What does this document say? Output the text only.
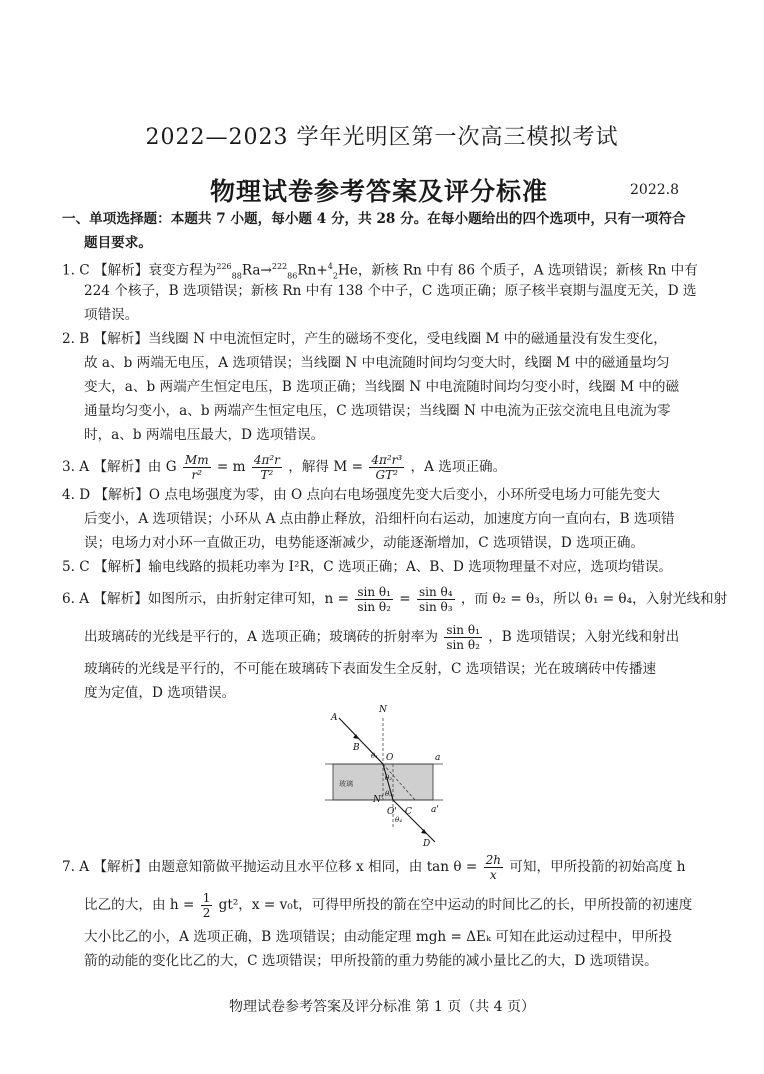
2022—2023 学年光明区第一次高三模拟考试
物理试卷参考答案及评分标准	2022.8
一、单项选择题：本题共 7 小题，每小题 4 分，共 28 分。在每小题给出的四个选项中，只有一项符合
题目要求。
1. C 【解析】衰变方程为$^{226}_{88}$Ra→$^{222}_{86}$Rn+$^4_2$He，新核 Rn 中有 86 个质子，A 选项错误；新核 Rn 中有
224 个核子，B 选项错误；新核 Rn 中有 138 个中子，C 选项正确；原子核半衰期与温度无关，D 选
项错误。
2. B 【解析】当线圈 N 中电流恒定时，产生的磁场不变化，受电线圈 M 中的磁通量没有发生变化，
故 a、b 两端无电压，A 选项错误；当线圈 N 中电流随时间均匀变大时，线圈 M 中的磁通量均匀
变大，a、b 两端产生恒定电压，B 选项正确；当线圈 N 中电流随时间均匀变小时，线圈 M 中的磁
通量均匀变小，a、b 两端产生恒定电压，C 选项错误；当线圈 N 中电流为正弦交流电且电流为零
时，a、b 两端电压最大，D 选项错误。
3. A 【解析】由 G $\frac{Mm}{\text{r²}} = m \frac{\text{4π²r}}{\text{T²}}$ ，解得 $M = \frac{\text{4π²r³}}{\text{GT²}}$ ，A 选项正确。
4. D 【解析】O 点电场强度为零，由 O 点向右电场强度先变大后变小，小环所受电场力可能先变大
后变小，A 选项错误；小环从 A 点由静止释放，沿细杆向右运动，加速度方向一直向右，B 选项错
误；电场力对小环一直做正功，电势能逐渐减少，动能逐渐增加，C 选项错误，D 选项正确。
5. C 【解析】输电线路的损耗功率为 I²R，C 选项正确；A、B、D 选项物理量不对应，选项均错误。
6. A 【解析】如图所示，由折射定律可知，$n = \frac{\text{sin θ₁}}{\text{sin θ₂}} = \frac{\text{sin θ₄}}{\text{sin θ₃}}$ ，而 θ₂ = θ₃，所以 θ₁ = θ₄，入射光线和射
出玻璃砖的光线是平行的，A 选项正确；玻璃砖的折射率为 $\frac{\text{sin θ₁}}{\text{sin θ₂}}$ ，B 选项错误；入射光线和射出
玻璃砖的光线是平行的，不可能在玻璃砖下表面发生全反射，C 选项错误；光在玻璃砖中传播速
度为定值，D 选项错误。
A
N
B
O	a
N'
O' C a'
D
θ₁
θ₂
θ₃
θ₄
玻璃
7. A 【解析】由题意知箭做平抛运动且水平位移 x 相同，由 $\tan \theta = \frac{2h}{x}$ 可知，甲所投箭的初始高度 h
比乙的大，由 $h = \frac{1}{2} gt^2$，x = v₀t，可得甲所投的箭在空中运动的时间比乙的长，甲所投箭的初速度
大小比乙的小，A 选项正确，B 选项错误；由动能定理 mgh = ΔEₖ 可知在此运动过程中，甲所投
箭的动能的变化比乙的大，C 选项错误；甲所投箭的重力势能的减小量比乙的大，D 选项错误。
物理试卷参考答案及评分标准 第 1 页（共 4 页）
